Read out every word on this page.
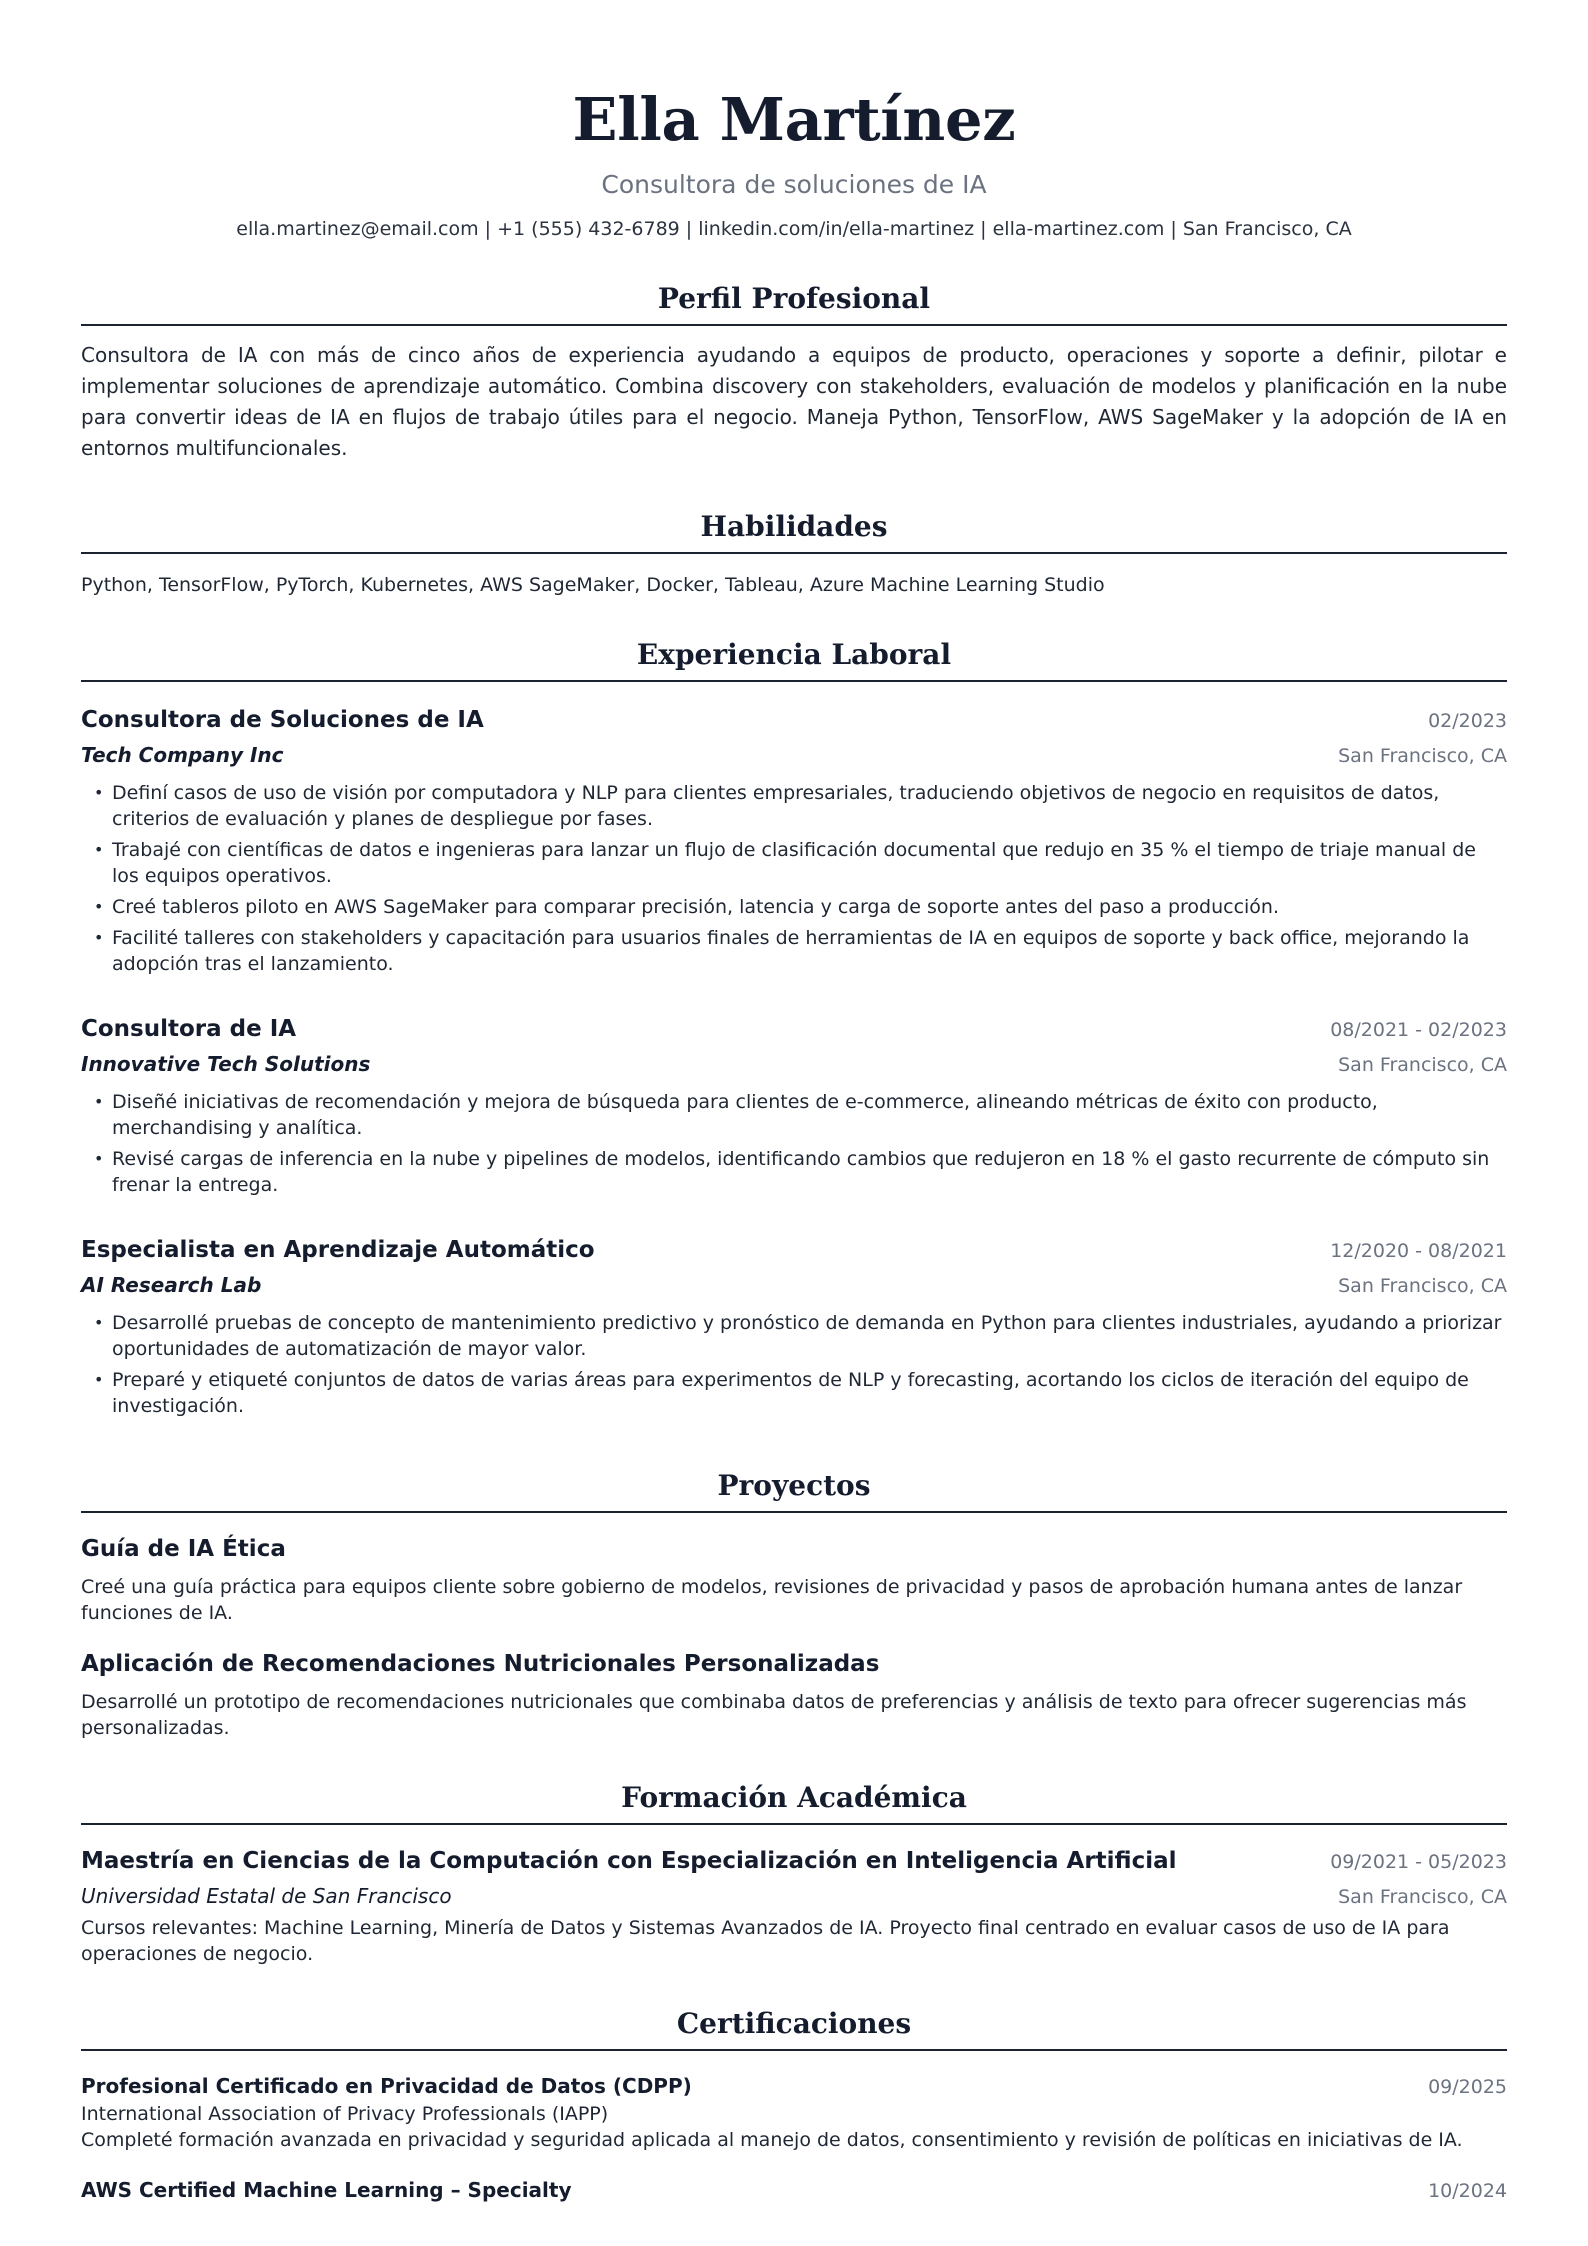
Ella Martínez
Consultora de soluciones de IA
ella.martinez@email.com | +1 (555) 432-6789 | linkedin.com/in/ella-martinez | ella-martinez.com | San Francisco, CA
Perfil Profesional

Consultora de IA con más de cinco años de experiencia ayudando a equipos de producto, operaciones y soporte a definir, pilotar e implementar soluciones de aprendizaje automático. Combina discovery con stakeholders, evaluación de modelos y planificación en la nube para convertir ideas de IA en flujos de trabajo útiles para el negocio. Maneja Python, TensorFlow, AWS SageMaker y la adopción de IA en entornos multifuncionales.

Habilidades

Python, TensorFlow, PyTorch, Kubernetes, AWS SageMaker, Docker, Tableau, Azure Machine Learning Studio

Experiencia Laboral
Consultora de Soluciones de IA	02/2023
Tech Company Inc	San Francisco, CA
• Definí casos de uso de visión por computadora y NLP para clientes empresariales, traduciendo objetivos de negocio en requisitos de datos, criterios de evaluación y planes de despliegue por fases.
• Trabajé con científicas de datos e ingenieras para lanzar un flujo de clasificación documental que redujo en 35 % el tiempo de triaje manual de los equipos operativos.
• Creé tableros piloto en AWS SageMaker para comparar precisión, latencia y carga de soporte antes del paso a producción.
• Facilité talleres con stakeholders y capacitación para usuarios finales de herramientas de IA en equipos de soporte y back office, mejorando la adopción tras el lanzamiento.
Consultora de IA	08/2021 - 02/2023
Innovative Tech Solutions	San Francisco, CA
• Diseñé iniciativas de recomendación y mejora de búsqueda para clientes de e-commerce, alineando métricas de éxito con producto, merchandising y analítica.
• Revisé cargas de inferencia en la nube y pipelines de modelos, identificando cambios que redujeron en 18 % el gasto recurrente de cómputo sin frenar la entrega.
Especialista en Aprendizaje Automático	12/2020 - 08/2021
AI Research Lab	San Francisco, CA
• Desarrollé pruebas de concepto de mantenimiento predictivo y pronóstico de demanda en Python para clientes industriales, ayudando a priorizar oportunidades de automatización de mayor valor.
• Preparé y etiqueté conjuntos de datos de varias áreas para experimentos de NLP y forecasting, acortando los ciclos de iteración del equipo de investigación.
Proyectos
Guía de IA Ética

Creé una guía práctica para equipos cliente sobre gobierno de modelos, revisiones de privacidad y pasos de aprobación humana antes de lanzar funciones de IA.

Aplicación de Recomendaciones Nutricionales Personalizadas

Desarrollé un prototipo de recomendaciones nutricionales que combinaba datos de preferencias y análisis de texto para ofrecer sugerencias más personalizadas.

Formación Académica
Maestría en Ciencias de la Computación con Especialización en Inteligencia Artificial	09/2021 - 05/2023
Universidad Estatal de San Francisco	San Francisco, CA

Cursos relevantes: Machine Learning, Minería de Datos y Sistemas Avanzados de IA. Proyecto final centrado en evaluar casos de uso de IA para operaciones de negocio.

Certificaciones
Profesional Certificado en Privacidad de Datos (CDPP)	09/2025
International Association of Privacy Professionals (IAPP)
Completé formación avanzada en privacidad y seguridad aplicada al manejo de datos, consentimiento y revisión de políticas en iniciativas de IA.
AWS Certified Machine Learning – Specialty	10/2024
